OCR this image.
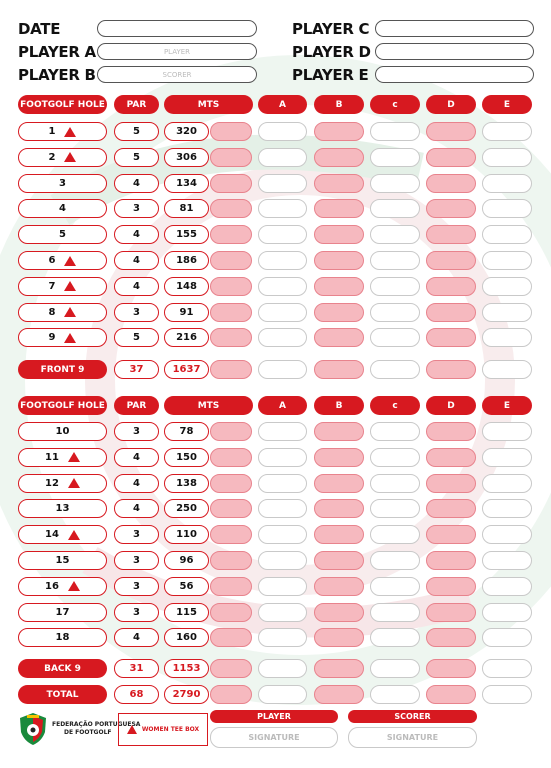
DATE
PLAYER A	PLAYER
PLAYER B	SCORER
PLAYER C
PLAYER D
PLAYER E
FOOTGOLF HOLE	PAR	MTS	A	B	c	D	E
1	5	320
2	5	306
3	4	134
4	3	81
5	4	155
6	4	186
7	4	148
8	3	91
9	5	216
FRONT 9	37	1637
FOOTGOLF HOLE	PAR	MTS	A	B	c	D	E
10	3	78
11	4	150
12	4	138
13	4	250
14	3	110
15	3	96
16	3	56
17	3	115
18	4	160
BACK 9	31	1153
TOTAL	68	2790
FEDERAÇÃO PORTUGUESA
DE FOOTGOLF	WOMEN TEE BOX
PLAYER
SIGNATURE
SCORER
SIGNATURE
